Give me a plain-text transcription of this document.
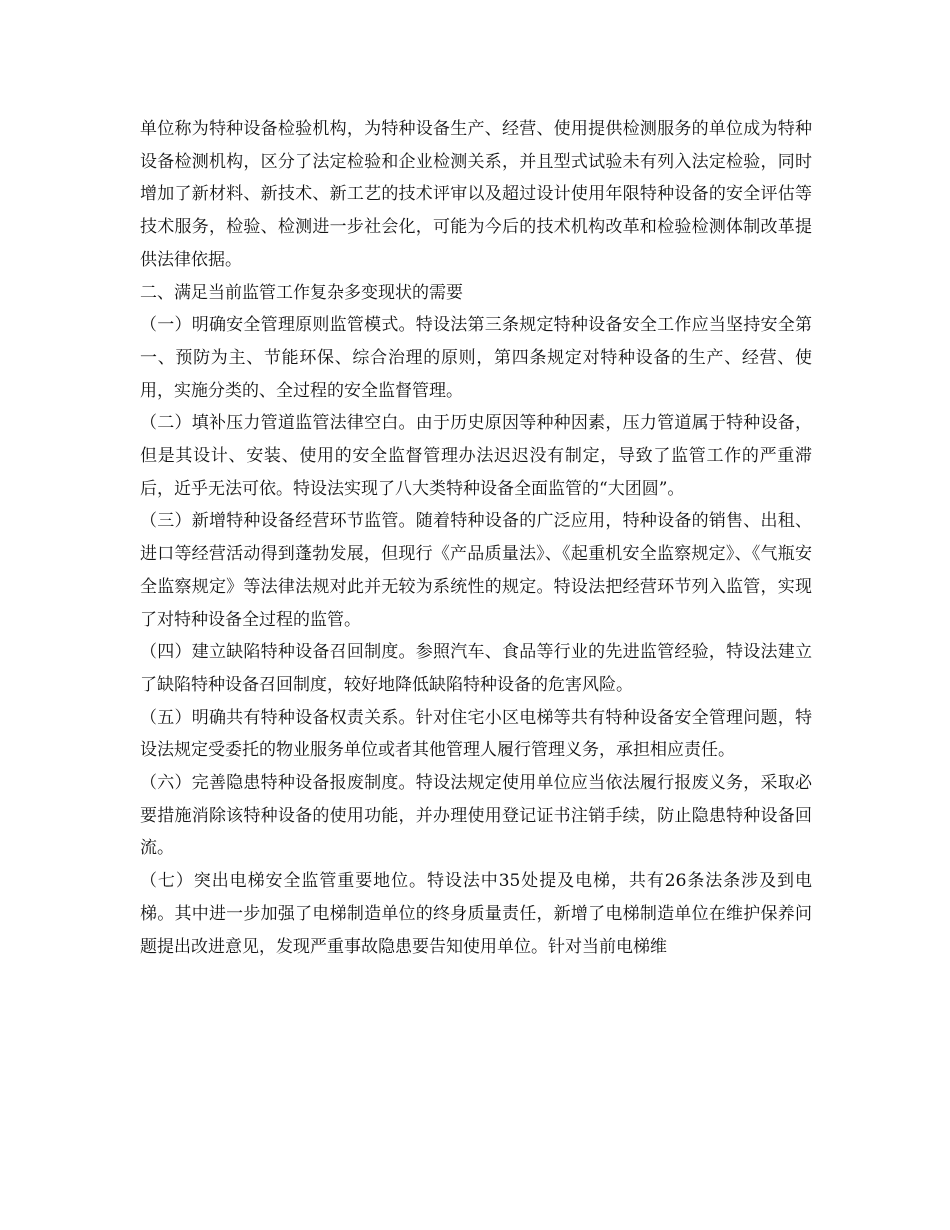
单位称为特种设备检验机构，为特种设备生产、经营、使用提供检测服务的单位成为特种设备检测机构，区分了法定检验和企业检测关系，并且型式试验未有列入法定检验，同时增加了新材料、新技术、新工艺的技术评审以及超过设计使用年限特种设备的安全评估等技术服务，检验、检测进一步社会化，可能为今后的技术机构改革和检验检测体制改革提供法律依据。

二、满足当前监管工作复杂多变现状的需要

（一）明确安全管理原则监管模式。特设法第三条规定特种设备安全工作应当坚持安全第一、预防为主、节能环保、综合治理的原则，第四条规定对特种设备的生产、经营、使用，实施分类的、全过程的安全监督管理。

（二）填补压力管道监管法律空白。由于历史原因等种种因素，压力管道属于特种设备，但是其设计、安装、使用的安全监督管理办法迟迟没有制定，导致了监管工作的严重滞后，近乎无法可依。特设法实现了八大类特种设备全面监管的“大团圆”。

（三）新增特种设备经营环节监管。随着特种设备的广泛应用，特种设备的销售、出租、进口等经营活动得到蓬勃发展，但现行《产品质量法》、《起重机安全监察规定》、《气瓶安全监察规定》等法律法规对此并无较为系统性的规定。特设法把经营环节列入监管，实现了对特种设备全过程的监管。

（四）建立缺陷特种设备召回制度。参照汽车、食品等行业的先进监管经验，特设法建立了缺陷特种设备召回制度，较好地降低缺陷特种设备的危害风险。

（五）明确共有特种设备权责关系。针对住宅小区电梯等共有特种设备安全管理问题，特设法规定受委托的物业服务单位或者其他管理人履行管理义务，承担相应责任。

（六）完善隐患特种设备报废制度。特设法规定使用单位应当依法履行报废义务，采取必要措施消除该特种设备的使用功能，并办理使用登记证书注销手续，防止隐患特种设备回流。

（七）突出电梯安全监管重要地位。特设法中35处提及电梯，共有26条法条涉及到电梯。其中进一步加强了电梯制造单位的终身质量责任，新增了电梯制造单位在维护保养问题提出改进意见，发现严重事故隐患要告知使用单位。针对当前电梯维
